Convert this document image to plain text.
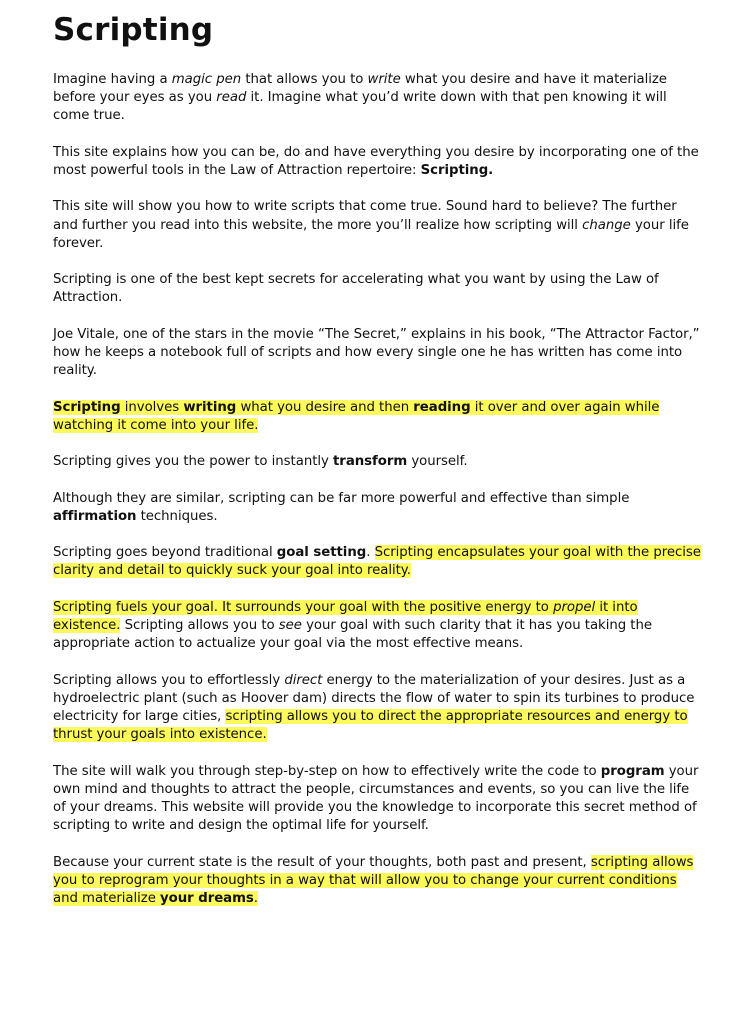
Scripting

Imagine having a magic pen that allows you to write what you desire and have it materialize before your eyes as you read it. Imagine what you’d write down with that pen knowing it will come true.

This site explains how you can be, do and have everything you desire by incorporating one of the most powerful tools in the Law of Attraction repertoire: Scripting.

This site will show you how to write scripts that come true. Sound hard to believe? The further and further you read into this website, the more you’ll realize how scripting will change your life forever.

Scripting is one of the best kept secrets for accelerating what you want by using the Law of Attraction.

Joe Vitale, one of the stars in the movie “The Secret,” explains in his book, “The Attractor Factor,” how he keeps a notebook full of scripts and how every single one he has written has come into reality.

Scripting involves writing what you desire and then reading it over and over again while watching it come into your life.

Scripting gives you the power to instantly transform yourself.

Although they are similar, scripting can be far more powerful and effective than simple affirmation techniques.

Scripting goes beyond traditional goal setting. Scripting encapsulates your goal with the precise clarity and detail to quickly suck your goal into reality.

Scripting fuels your goal. It surrounds your goal with the positive energy to propel it into existence. Scripting allows you to see your goal with such clarity that it has you taking the appropriate action to actualize your goal via the most effective means.

Scripting allows you to effortlessly direct energy to the materialization of your desires. Just as a hydroelectric plant (such as Hoover dam) directs the flow of water to spin its turbines to produce electricity for large cities, scripting allows you to direct the appropriate resources and energy to thrust your goals into existence.

The site will walk you through step-by-step on how to effectively write the code to program your own mind and thoughts to attract the people, circumstances and events, so you can live the life of your dreams. This website will provide you the knowledge to incorporate this secret method of scripting to write and design the optimal life for yourself.

Because your current state is the result of your thoughts, both past and present, scripting allows you to reprogram your thoughts in a way that will allow you to change your current conditions and materialize your dreams.
